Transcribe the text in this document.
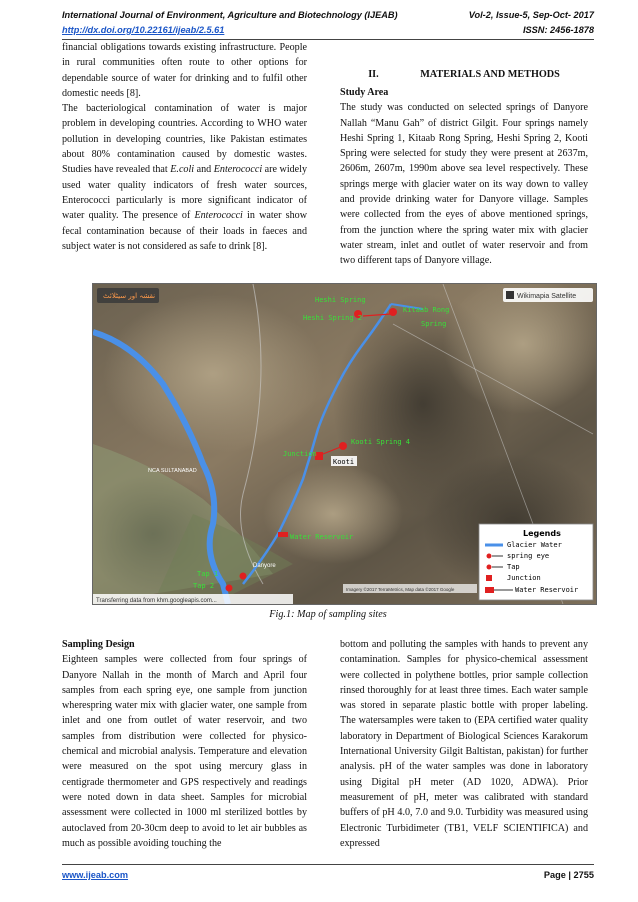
International Journal of Environment, Agriculture and Biotechnology (IJEAB)	Vol-2, Issue-5, Sep-Oct- 2017
http://dx.doi.org/10.22161/ijeab/2.5.61	ISSN: 2456-1878

financial obligations towards existing infrastructure. People in rural communities often route to other options for dependable source of water for drinking and to fulfil other domestic needs [8].

The bacteriological contamination of water is major problem in developing countries. According to WHO water pollution in developing countries, like Pakistan estimates about 80% contamination caused by domestic wastes. Studies have revealed that E.coli and Enterococci are widely used water quality indicators of fresh water sources, Enterococci particularly is more significant indicator of water quality. The presence of Enterococci in water show fecal contamination because of their loads in faeces and subject water is not considered as safe to drink [8].

II.	MATERIALS AND METHODS

Study Area

The study was conducted on selected springs of Danyore Nallah “Manu Gah” of district Gilgit. Four springs namely Heshi Spring 1, Kitaab Rong Spring, Heshi Spring 2, Kooti Spring were selected for study they were present at 2637m, 2606m, 2607m, 1990m above sea level respectively. These springs merge with glacier water on its way down to valley and provide drinking water for Danyore village. Samples were collected from the eyes of above mentioned springs, from the junction where the spring water mix with glacier water stream, inlet and outlet of water reservoir and from two different taps of Danyore village.

Heshi Spring
Heshi Spring 2
Kitaab Rong
Spring
Kooti Spring 4
Junction
Kooti
Water Reservoir
Tap 1
Tap 2
Danyore
NCA SULTANABAD
نقشہ اور سیٹلائٹ	Wikimapia Satellite
Legends
Glacier Water
spring eye
Tap
Junction
Water Reservoir
Transferring data from khm.googleapis.com...
Imagery ©2017 TerraMetrics, Map data ©2017 Google
Fig.1: Map of sampling sites

Sampling Design

Eighteen samples were collected from four springs of Danyore Nallah in the month of March and April four samples from each spring eye, one sample from junction wherespring water mix with glacier water, one sample from inlet and one from outlet of water reservoir, and two samples from distribution were collected for physico-chemical and microbial analysis. Temperature and elevation were measured on the spot using mercury glass in centigrade thermometer and GPS respectively and readings were noted down in data sheet. Samples for microbial assessment were collected in 1000 ml sterilized bottles by autoclaved from 20-30cm deep to avoid to let air bubbles as much as possible avoiding touching the

bottom and polluting the samples with hands to prevent any contamination. Samples for physico-chemical assessment were collected in polythene bottles, prior sample collection rinsed thoroughly for at least three times. Each water sample was stored in separate plastic bottle with proper labeling. The watersamples were taken to (EPA certified water quality laboratory in Department of Biological Sciences Karakorum International University Gilgit Baltistan, pakistan) for further analysis. pH of the water samples was done in laboratory using Digital pH meter (AD 1020, ADWA). Prior measurement of pH, meter was calibrated with standard buffers of pH 4.0, 7.0 and 9.0. Turbidity was measured using Electronic Turbidimeter (TB1, VELF SCIENTIFICA) and expressed

www.ijeab.com	Page | 2755
